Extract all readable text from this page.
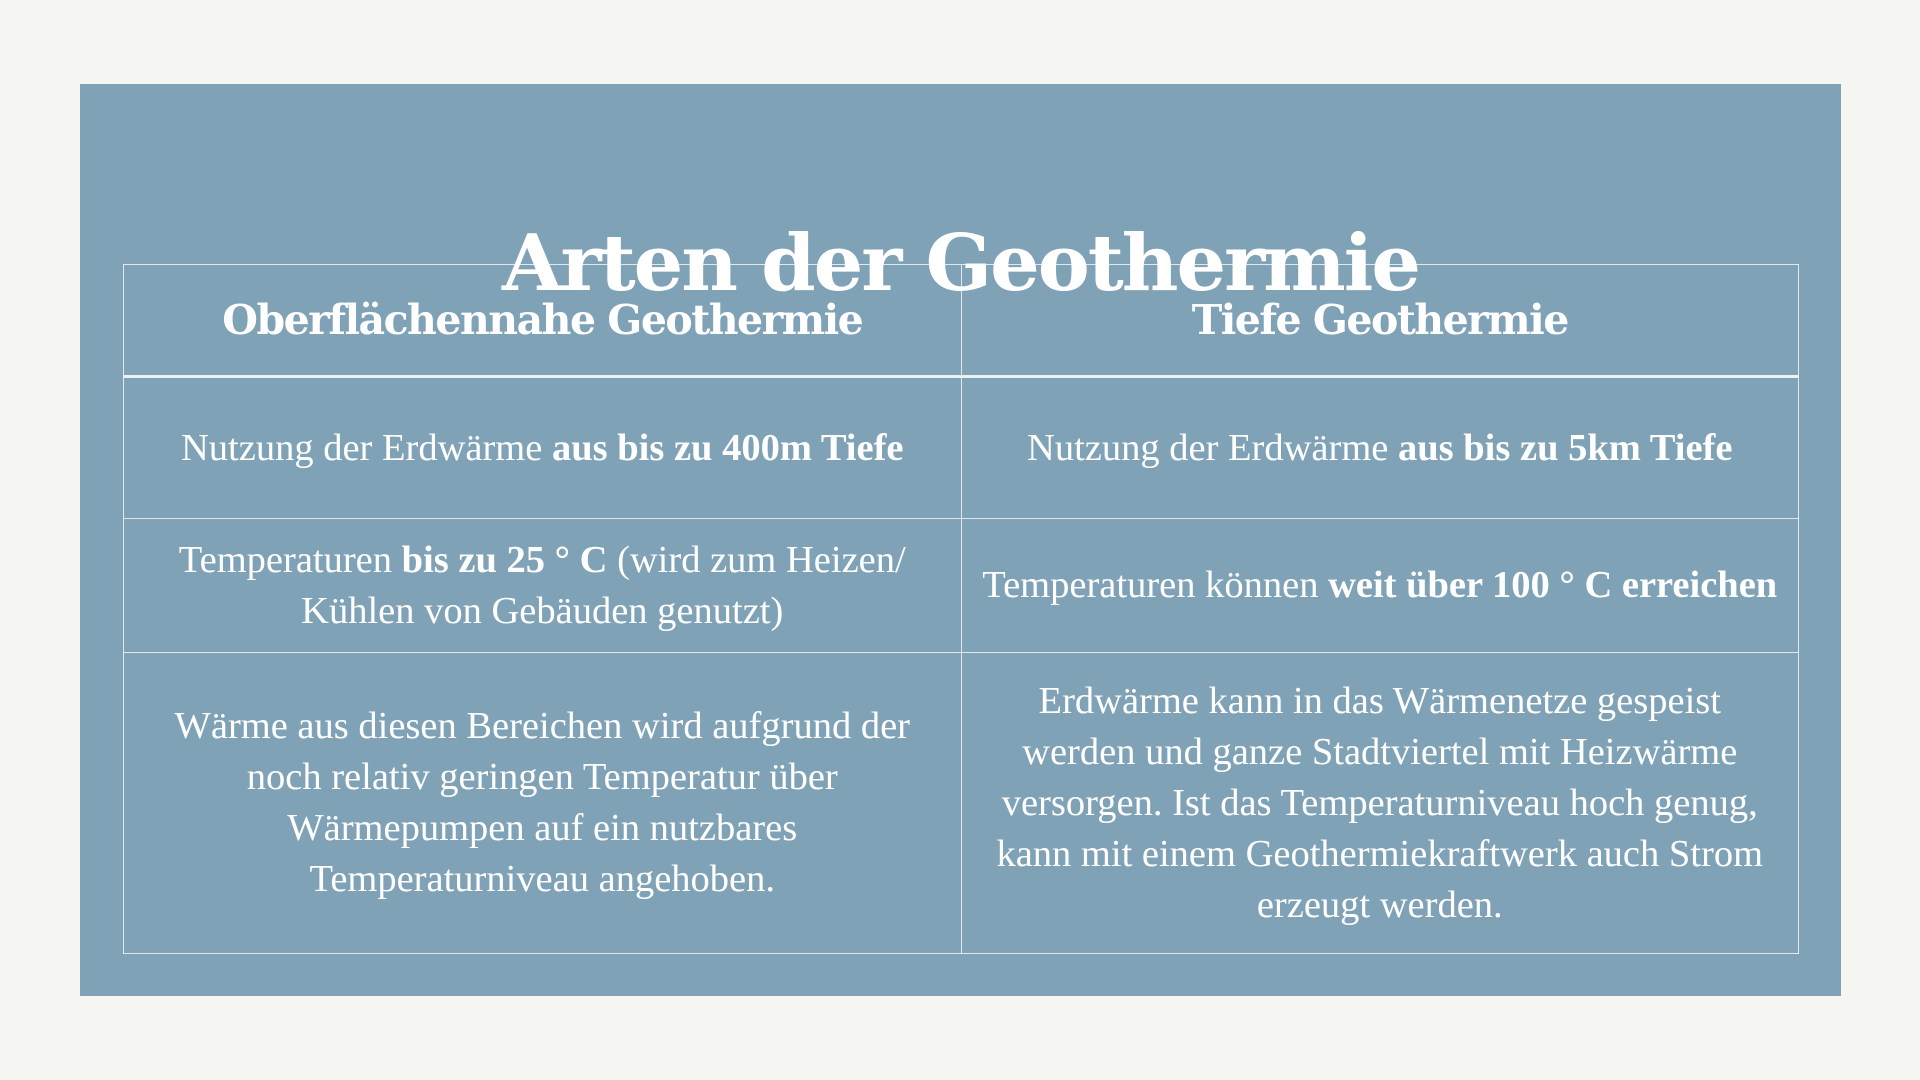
Arten der Geothermie
Oberflächennahe Geothermie	Tiefe Geothermie
Nutzung der Erdwärme aus bis zu 400m Tiefe	Nutzung der Erdwärme aus bis zu 5km Tiefe
Temperaturen bis zu 25 ° C (wird zum Heizen/ Kühlen von Gebäuden genutzt)	Temperaturen können weit über 100 ° C erreichen
Wärme aus diesen Bereichen wird aufgrund der noch relativ geringen Temperatur über Wärmepumpen auf ein nutzbares Temperaturniveau angehoben.	Erdwärme kann in das Wärmenetze gespeist werden und ganze Stadtviertel mit Heizwärme versorgen. Ist das Temperaturniveau hoch genug, kann mit einem Geothermiekraftwerk auch Strom erzeugt werden.
